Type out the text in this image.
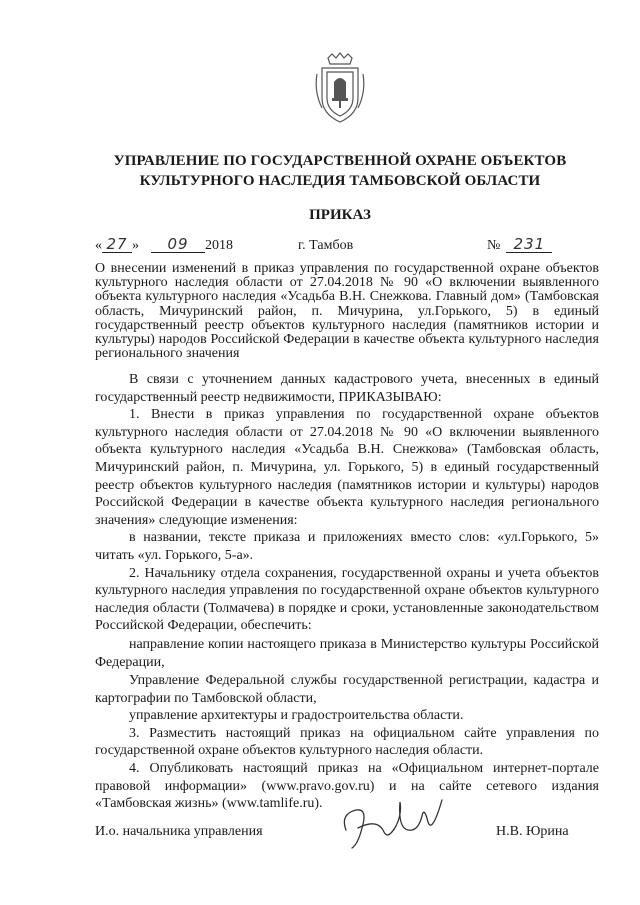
УПРАВЛЕНИЕ ПО ГОСУДАРСТВЕННОЙ ОХРАНЕ ОБЪЕКТОВ
КУЛЬТУРНОГО НАСЛЕДИЯ ТАМБОВСКОЙ ОБЛАСТИ
ПРИКАЗ
« 27 » 09 2018	г. Тамбов	№ 231
О внесении изменений в приказ управления по государственной охране объектов культурного наследия области от 27.04.2018 № 90 «О включении выявленного объекта культурного наследия «Усадьба В.Н. Снежкова. Главный дом» (Тамбовская область, Мичуринский район, п. Мичурина, ул.Горького, 5) в единый государственный реестр объектов культурного наследия (памятников истории и культуры) народов Российской Федерации в качестве объекта культурного наследия регионального значения

В связи с уточнением данных кадастрового учета, внесенных в единый государственный реестр недвижимости, ПРИКАЗЫВАЮ:

1. Внести в приказ управления по государственной охране объектов культурного наследия области от 27.04.2018 № 90 «О включении выявленного объекта культурного наследия «Усадьба В.Н. Снежкова» (Тамбовская область, Мичуринский район, п. Мичурина, ул. Горького, 5) в единый государственный реестр объектов культурного наследия (памятников истории и культуры) народов Российской Федерации в качестве объекта культурного наследия регионального значения» следующие изменения:

в названии, тексте приказа и приложениях вместо слов: «ул.Горького, 5» читать «ул. Горького, 5-а».

2. Начальнику отдела сохранения, государственной охраны и учета объектов культурного наследия управления по государственной охране объектов культурного наследия области (Толмачева) в порядке и сроки, установленные законодательством Российской Федерации, обеспечить:

направление копии настоящего приказа в Министерство культуры Российской Федерации,

Управление Федеральной службы государственной регистрации, кадастра и картографии по Тамбовской области,

управление архитектуры и градостроительства области.

3. Разместить настоящий приказ на официальном сайте управления по государственной охране объектов культурного наследия области.

4. Опубликовать настоящий приказ на «Официальном интернет-портале правовой информации» (www.pravo.gov.ru) и на сайте сетевого издания «Тамбовская жизнь» (www.tamlife.ru).

И.о. начальника управления	Н.В. Юрина
